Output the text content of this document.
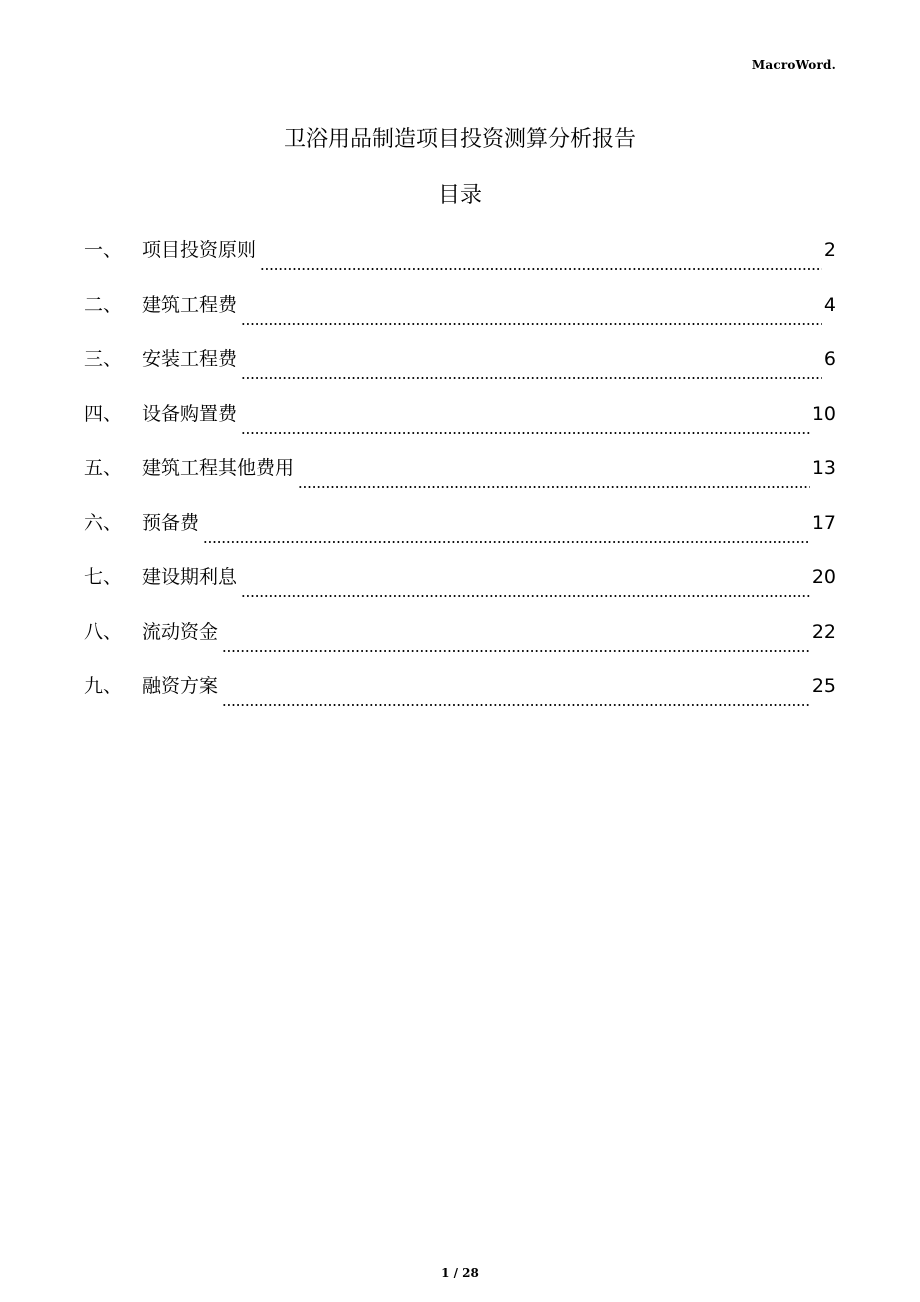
MacroWord.
卫浴用品制造项目投资测算分析报告
目录
一、	项目投资原则	2
二、	建筑工程费	4
三、	安装工程费	6
四、	设备购置费	10
五、	建筑工程其他费用	13
六、	预备费	17
七、	建设期利息	20
八、	流动资金	22
九、	融资方案	25
1 / 28
